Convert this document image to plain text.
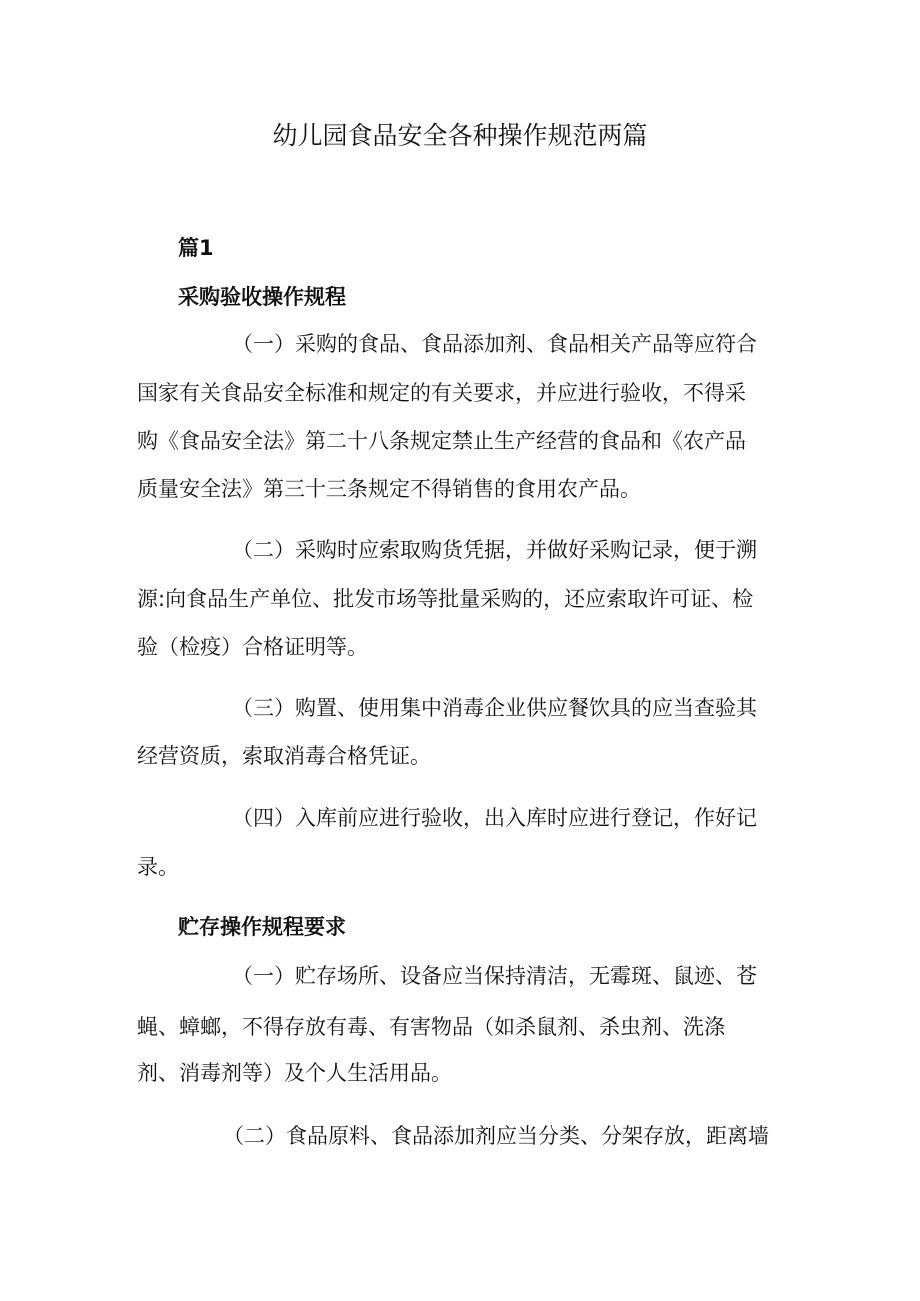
幼儿园食品安全各种操作规范两篇
篇1
采购验收操作规程
（一）采购的食品、食品添加剂、食品相关产品等应符合
国家有关食品安全标准和规定的有关要求，并应进行验收，不得采
购《食品安全法》第二十八条规定禁止生产经营的食品和《农产品
质量安全法》第三十三条规定不得销售的食用农产品。
（二）采购时应索取购货凭据，并做好采购记录，便于溯
源:向食品生产单位、批发市场等批量采购的，还应索取许可证、检
验（检疫）合格证明等。
（三）购置、使用集中消毒企业供应餐饮具的应当查验其
经营资质，索取消毒合格凭证。
（四）入库前应进行验收，出入库时应进行登记，作好记
录。
贮存操作规程要求
（一）贮存场所、设备应当保持清洁，无霉斑、鼠迹、苍
蝇、蟑螂，不得存放有毒、有害物品（如杀鼠剂、杀虫剂、洗涤
剂、消毒剂等）及个人生活用品。
（二）食品原料、食品添加剂应当分类、分架存放，距离墙
